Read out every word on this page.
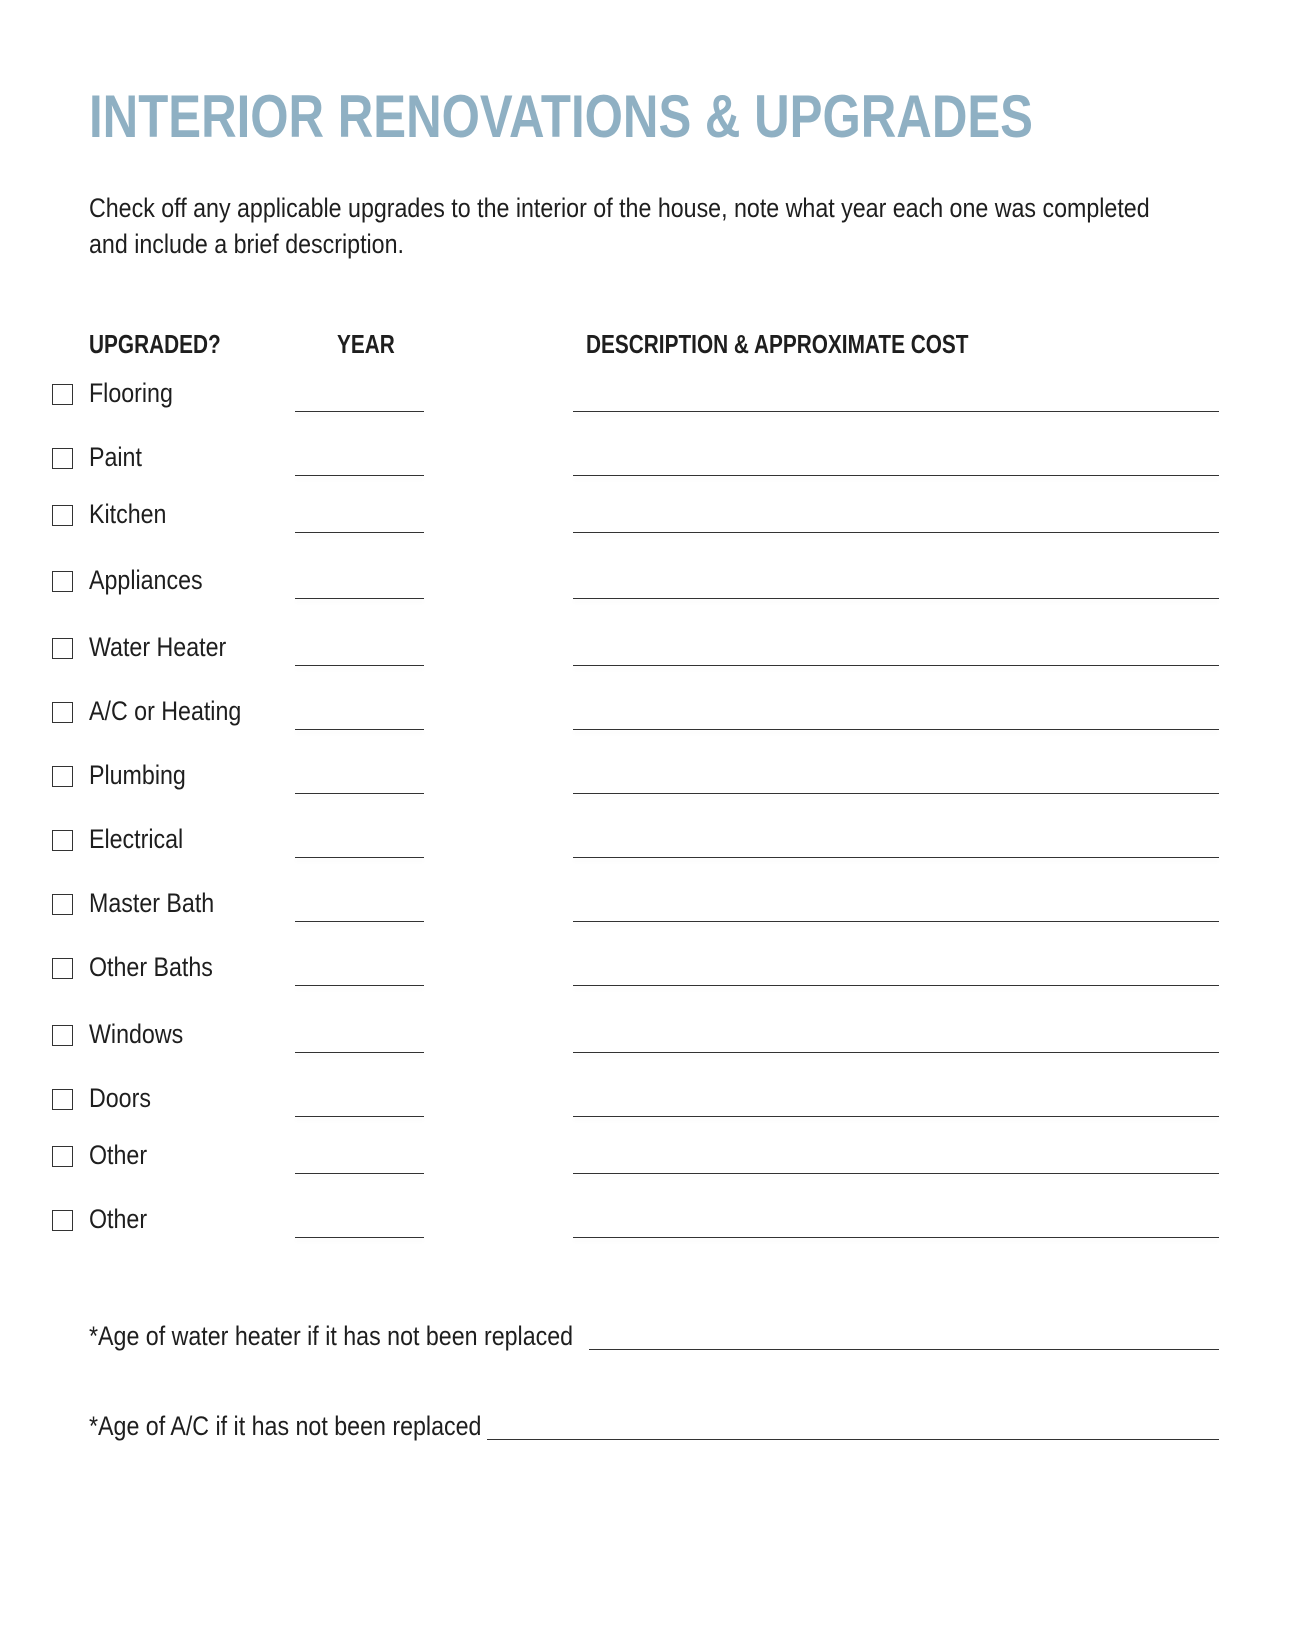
INTERIOR RENOVATIONS & UPGRADES

Check off any applicable upgrades to the interior of the house, note what year each one was completed and include a brief description.

UPGRADED?	YEAR	DESCRIPTION & APPROXIMATE COST
Flooring
Paint
Kitchen
Appliances
Water Heater
A/C or Heating
Plumbing
Electrical
Master Bath
Other Baths
Windows
Doors
Other
Other
*Age of water heater if it has not been replaced
*Age of A/C if it has not been replaced
